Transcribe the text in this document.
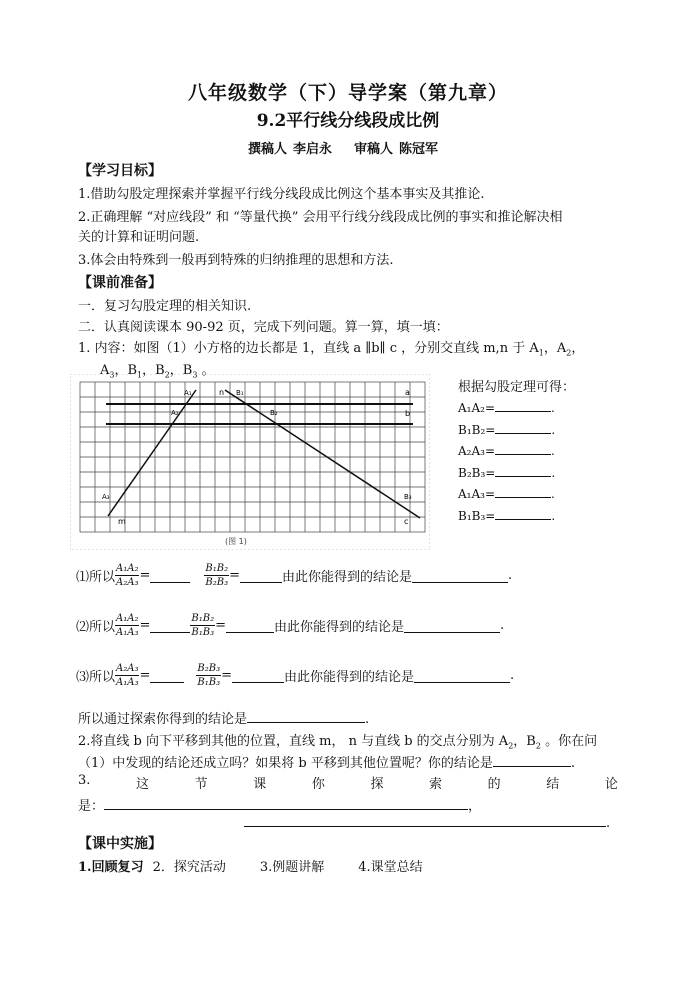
八年级数学（下）导学案（第九章）
9.2平行线分线段成比例
撰稿人 李启永 审稿人 陈冠军
【学习目标】
1.借助勾股定理探索并掌握平行线分线段成比例这个基本事实及其推论.
2.正确理解 “对应线段” 和 “等量代换” 会用平行线分线段成比例的事实和推论解决相
关的计算和证明问题.
3.体会由特殊到一般再到特殊的归纳推理的思想和方法.
【课前准备】
一．复习勾股定理的相关知识.
二．认真阅读课本 90-92 页，完成下列问题。算一算，填一填：
1. 内容：如图（1）小方格的边长都是 1，直线 a ∥b∥ c ，分别交直线 m,n 于 $A_1$，$A_2$，
$A_3$，$B_1$，$B_2$，$B_3$ 。
A₁
A₂
A₃
B₁
B₂
B₃
a
b
c
m
n
(图 1)
根据勾股定理可得：
A₁A₂=	.
B₁B₂=	.
A₂A₃=	.
B₂B₃=	.
A₁A₃=	.
B₁B₃=	.
⑴所以 $\frac{\text{A₁A₂}}{\text{A₂A₃}}$ =	$\frac{\text{B₁B₂}}{\text{B₂B₃}}$ =	由此你能得到的结论是	.
⑵所以 $\frac{\text{A₁A₂}}{\text{A₁A₃}}$ =	$\frac{\text{B₁B₂}}{\text{B₁B₃}}$ =	由此你能得到的结论是	.
⑶所以 $\frac{\text{A₂A₃}}{\text{A₁A₃}}$ =	$\frac{\text{B₂B₃}}{\text{B₁B₃}}$ =	由此你能得到的结论是	.
所以通过探索你得到的结论是	.
2.将直线 b 向下平移到其他的位置，直线 m， n 与直线 b 的交点分别为 $A_2$，$B_2$ 。你在问
（1）中发现的结论还成立吗？如果将 b 平移到其他位置呢？你的结论是	.
3.	这	节	课	你	探	索	的	结	论
是：	，
.
【课中实施】
1.回顾复习 2．探究活动	3.例题讲解	4.课堂总结
